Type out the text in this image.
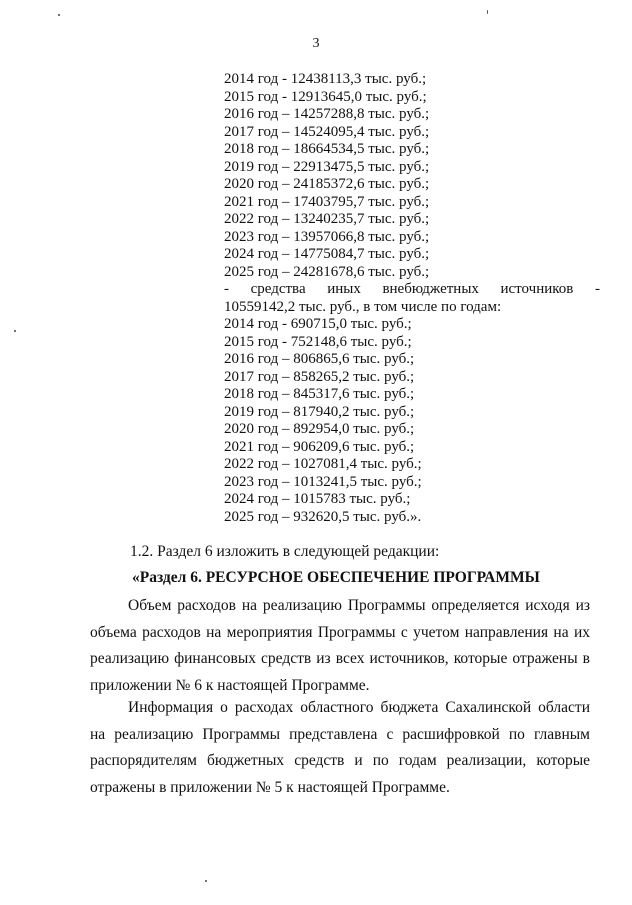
3
2014 год - 12438113,3 тыс. руб.;
2015 год - 12913645,0 тыс. руб.;
2016 год – 14257288,8 тыс. руб.;
2017 год – 14524095,4 тыс. руб.;
2018 год – 18664534,5 тыс. руб.;
2019 год – 22913475,5 тыс. руб.;
2020 год – 24185372,6 тыс. руб.;
2021 год – 17403795,7 тыс. руб.;
2022 год – 13240235,7 тыс. руб.;
2023 год – 13957066,8 тыс. руб.;
2024 год – 14775084,7 тыс. руб.;
2025 год – 24281678,6 тыс. руб.;
- средства иных внебюджетных источников -
10559142,2 тыс. руб., в том числе по годам:
2014 год - 690715,0 тыс. руб.;
2015 год - 752148,6 тыс. руб.;
2016 год – 806865,6 тыс. руб.;
2017 год – 858265,2 тыс. руб.;
2018 год – 845317,6 тыс. руб.;
2019 год – 817940,2 тыс. руб.;
2020 год – 892954,0 тыс. руб.;
2021 год – 906209,6 тыс. руб.;
2022 год – 1027081,4 тыс. руб.;
2023 год – 1013241,5 тыс. руб.;
2024 год – 1015783 тыс. руб.;
2025 год – 932620,5 тыс. руб.».
1.2. Раздел 6 изложить в следующей редакции:
«Раздел 6. РЕСУРСНОЕ ОБЕСПЕЧЕНИЕ ПРОГРАММЫ
Объем расходов на реализацию Программы определяется исходя из объема расходов на мероприятия Программы с учетом направления на их реализацию финансовых средств из всех источников, которые отражены в приложении № 6 к настоящей Программе.
Информация о расходах областного бюджета Сахалинской области на реализацию Программы представлена с расшифровкой по главным распорядителям бюджетных средств и по годам реализации, которые отражены в приложении № 5 к настоящей Программе.
